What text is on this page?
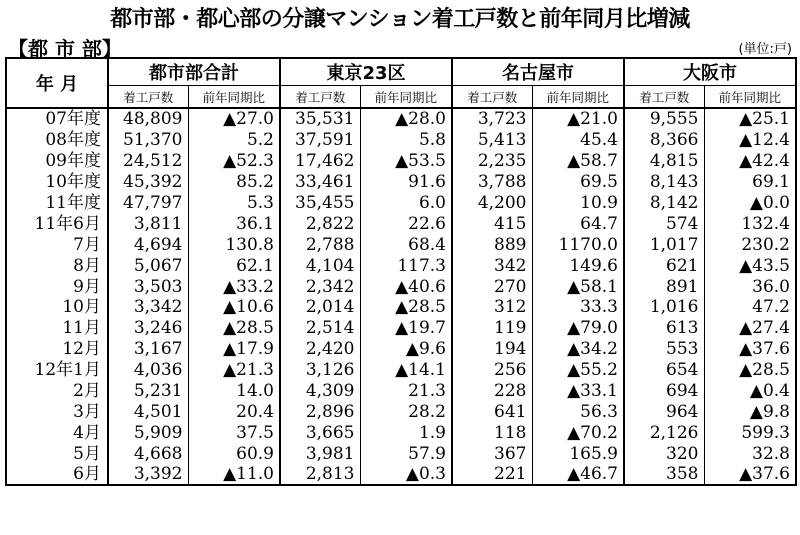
都市部・都心部の分譲マンション着工戸数と前年同月比増減
【都 市 部】	(単位:戸)
年 月	都市部合計		東京23区		名古屋市		大阪市	
	着工戸数	前年同期比	着工戸数	前年同期比	着工戸数	前年同期比	着工戸数	前年同期比
07年度	48,809	▲27.0	35,531	▲28.0	3,723	▲21.0	9,555	▲25.1
08年度	51,370	5.2	37,591	5.8	5,413	45.4	8,366	▲12.4
09年度	24,512	▲52.3	17,462	▲53.5	2,235	▲58.7	4,815	▲42.4
10年度	45,392	85.2	33,461	91.6	3,788	69.5	8,143	69.1
11年度	47,797	5.3	35,455	6.0	4,200	10.9	8,142	▲0.0
11年6月	3,811	36.1	2,822	22.6	415	64.7	574	132.4
7月	4,694	130.8	2,788	68.4	889	1170.0	1,017	230.2
8月	5,067	62.1	4,104	117.3	342	149.6	621	▲43.5
9月	3,503	▲33.2	2,342	▲40.6	270	▲58.1	891	36.0
10月	3,342	▲10.6	2,014	▲28.5	312	33.3	1,016	47.2
11月	3,246	▲28.5	2,514	▲19.7	119	▲79.0	613	▲27.4
12月	3,167	▲17.9	2,420	▲9.6	194	▲34.2	553	▲37.6
12年1月	4,036	▲21.3	3,126	▲14.1	256	▲55.2	654	▲28.5
2月	5,231	14.0	4,309	21.3	228	▲33.1	694	▲0.4
3月	4,501	20.4	2,896	28.2	641	56.3	964	▲9.8
4月	5,909	37.5	3,665	1.9	118	▲70.2	2,126	599.3
5月	4,668	60.9	3,981	57.9	367	165.9	320	32.8
6月	3,392	▲11.0	2,813	▲0.3	221	▲46.7	358	▲37.6
